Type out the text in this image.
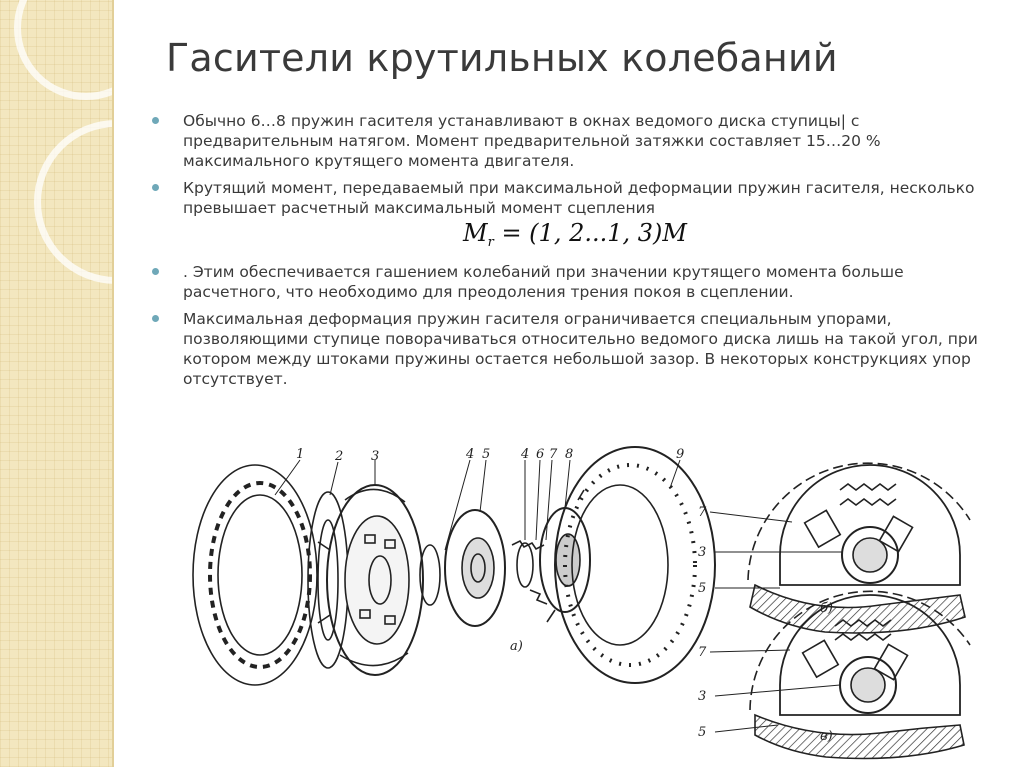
Гасители крутильных колебаний
Обычно 6…8 пружин гасителя устанавливают в окнах ведомого диска ступицы| с предварительным натягом. Момент предварительной затяжки составляет 15…20 % максимального крутящего момента двигателя.
Крутящий момент, передаваемый при максимальной деформации пружин гасителя, несколько превышает расчетный максимальный момент сцепления
$M_r = (1$, 2...1, 3)M
. Этим обеспечивается гашением колебаний при значении крутящего момента больше расчетного, что необходимо для преодоления трения покоя в сцеплении.
Максимальная деформация пружин гасителя ограничивается специальным упорами, позволяющими ступице поворачиваться относительно ведомого диска лишь на такой угол, при котором между штоками пружины остается небольшой зазор. В некоторых конструкциях упор отсутствует.
1 2 3	4 5 4 6 7 8	9
а)
б)
в)
7
3
5
7
3
5
